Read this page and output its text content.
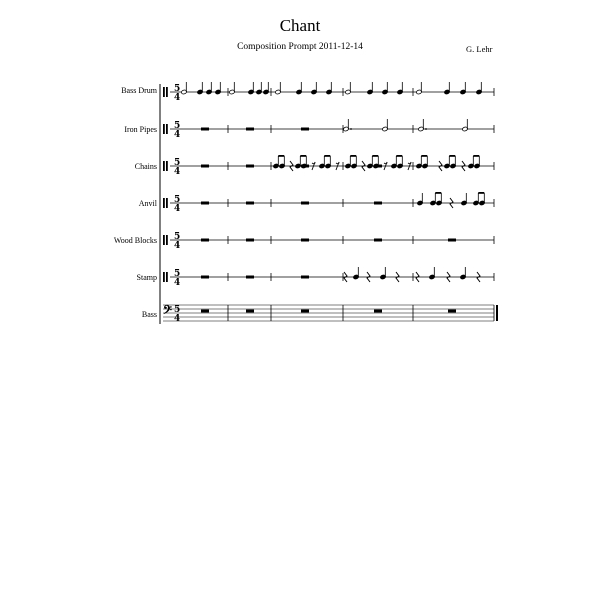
Chant
Composition Prompt 2011-12-14	G. Lehr
Bass Drum
Iron Pipes
Chains
Anvil
Wood Blocks
Stamp
Bass
5
4
5
4
5
4
5
4
5
4
5
4
𝄢 5
4
